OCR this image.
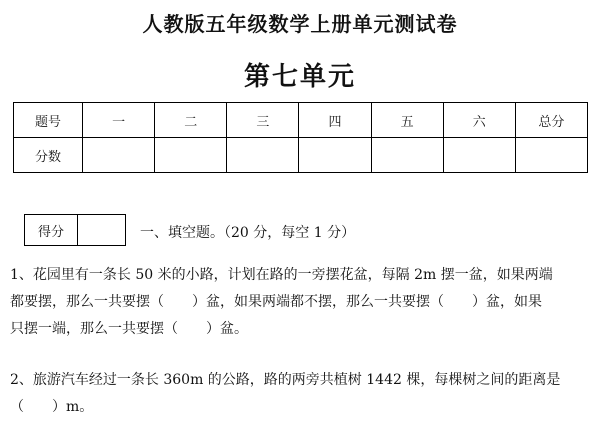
人教版五年级数学上册单元测试卷
第七单元
题号	一	二	三	四	五	六	总分
分数							
得分	一、填空题。（20 分，每空 1 分）
1、花园里有一条长 50 米的小路，计划在路的一旁摆花盆，每隔 2m 摆一盆，如果两端
都要摆，那么一共要摆（　　）盆，如果两端都不摆，那么一共要摆（　　）盆，如果
只摆一端，那么一共要摆（　　）盆。
2、旅游汽车经过一条长 360m 的公路，路的两旁共植树 1442 棵，每棵树之间的距离是
（　　）m。
